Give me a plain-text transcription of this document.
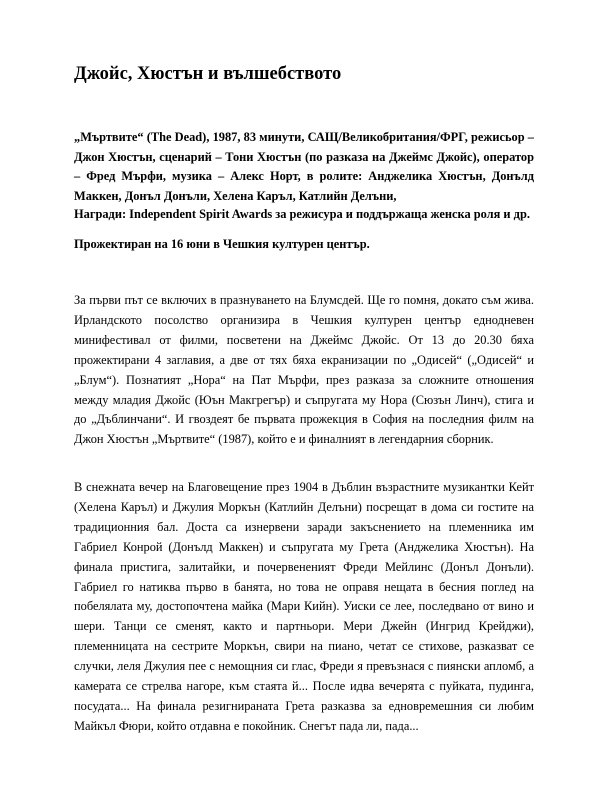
Джойс, Хюстън и вълшебството

„Мъртвите“ (The Dead), 1987, 83 минути, САЩ/Великобритания/ФРГ, режисьор – Джон Хюстън, сценарий – Тони Хюстън (по разказа на Джеймс Джойс), оператор – Фред Мърфи, музика – Алекс Норт, в ролите: Анджелика Хюстън, Донълд Маккен, Донъл Донъли, Хелена Каръл, Катлийн Делъни,

Награди: Independent Spirit Awards за режисура и поддържаща женска роля и др.

Прожектиран на 16 юни в Чешкия културен център.

За първи път се включих в празнуването на Блумсдей. Ще го помня, докато съм жива. Ирландското посолство организира в Чешкия културен център еднодневен минифестивал от филми, посветени на Джеймс Джойс. От 13 до 20.30 бяха прожектирани 4 заглавия, а две от тях бяха екранизации по „Одисей“ („Одисей“ и „Блум“). Познатият „Нора“ на Пат Мърфи, през разказа за сложните отношения между младия Джойс (Юън Макгрегър) и съпругата му Нора (Сюзън Линч), стига и до „Дъблинчани“. И гвоздеят бе първата прожекция в София на последния филм на Джон Хюстън „Мъртвите“ (1987), който е и финалният в легендарния сборник.

В снежната вечер на Благовещение през 1904 в Дъблин възрастните музикантки Кейт (Хелена Каръл) и Джулия Моркън (Катлийн Делъни) посрещат в дома си гостите на традиционния бал. Доста са изнервени заради закъснението на племенника им Габриел Конрой (Донълд Маккен) и съпругата му Грета (Анджелика Хюстън). На финала пристига, залитайки, и почервененият Фреди Мейлинс (Донъл Донъли). Габриел го натиква първо в банята, но това не оправя нещата в бесния поглед на побелялата му, достопочтена майка (Мари Кийн). Уиски се лее, последвано от вино и шери. Танци се сменят, както и партньори. Мери Джейн (Ингрид Крейджи), племенницата на сестрите Моркън, свири на пиано, четат се стихове, разказват се случки, леля Джулия пее с немощния си глас, Фреди я превъзнася с пиянски апломб, а камерата се стрелва нагоре, към стаята й... После идва вечерята с пуйката, пудинга, посудата... На финала резигнираната Грета разказва за едновремешния си любим Майкъл Фюри, който отдавна е покойник. Снегът пада ли, пада...
